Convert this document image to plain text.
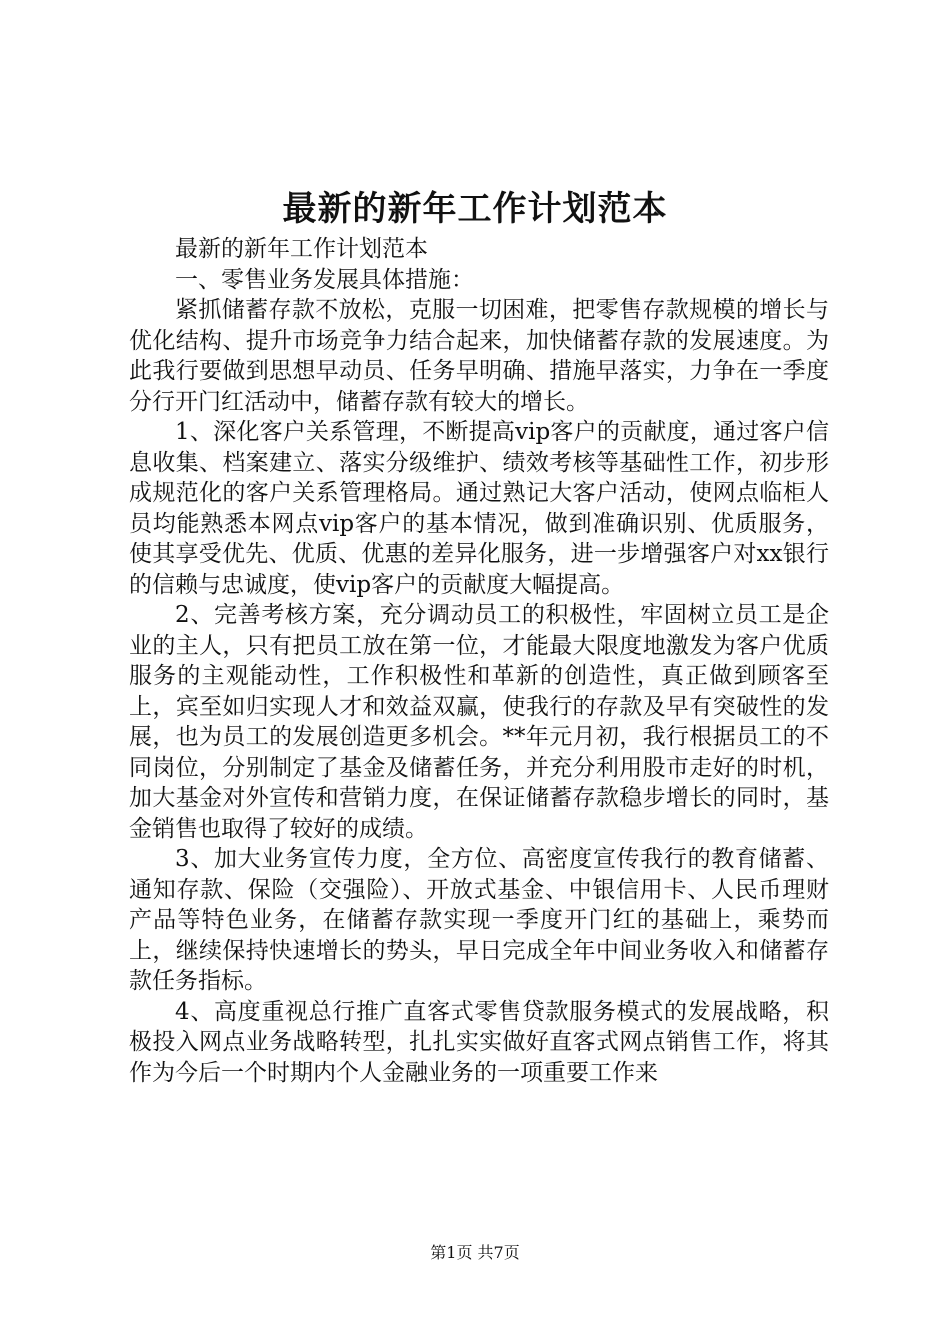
最新的新年工作计划范本

最新的新年工作计划范本

一、零售业务发展具体措施：

紧抓储蓄存款不放松，克服一切困难，把零售存款规模的增长与优化结构、提升市场竞争力结合起来，加快储蓄存款的发展速度。为此我行要做到思想早动员、任务早明确、措施早落实，力争在一季度分行开门红活动中，储蓄存款有较大的增长。

1、深化客户关系管理，不断提高vip客户的贡献度，通过客户信息收集、档案建立、落实分级维护、绩效考核等基础性工作，初步形成规范化的客户关系管理格局。通过熟记大客户活动，使网点临柜人员均能熟悉本网点vip客户的基本情况，做到准确识别、优质服务，使其享受优先、优质、优惠的差异化服务，进一步增强客户对xx银行的信赖与忠诚度，使vip客户的贡献度大幅提高。

2、完善考核方案，充分调动员工的积极性，牢固树立员工是企业的主人，只有把员工放在第一位，才能最大限度地激发为客户优质服务的主观能动性，工作积极性和革新的创造性，真正做到顾客至上，宾至如归实现人才和效益双赢，使我行的存款及早有突破性的发展，也为员工的发展创造更多机会。**年元月初，我行根据员工的不同岗位，分别制定了基金及储蓄任务，并充分利用股市走好的时机，加大基金对外宣传和营销力度，在保证储蓄存款稳步增长的同时，基金销售也取得了较好的成绩。

3、加大业务宣传力度，全方位、高密度宣传我行的教育储蓄、通知存款、保险（交强险）、开放式基金、中银信用卡、人民币理财产品等特色业务，在储蓄存款实现一季度开门红的基础上，乘势而上，继续保持快速增长的势头，早日完成全年中间业务收入和储蓄存款任务指标。

4、高度重视总行推广直客式零售贷款服务模式的发展战略，积极投入网点业务战略转型，扎扎实实做好直客式网点销售工作，将其作为今后一个时期内个人金融业务的一项重要工作来

第1页 共7页
